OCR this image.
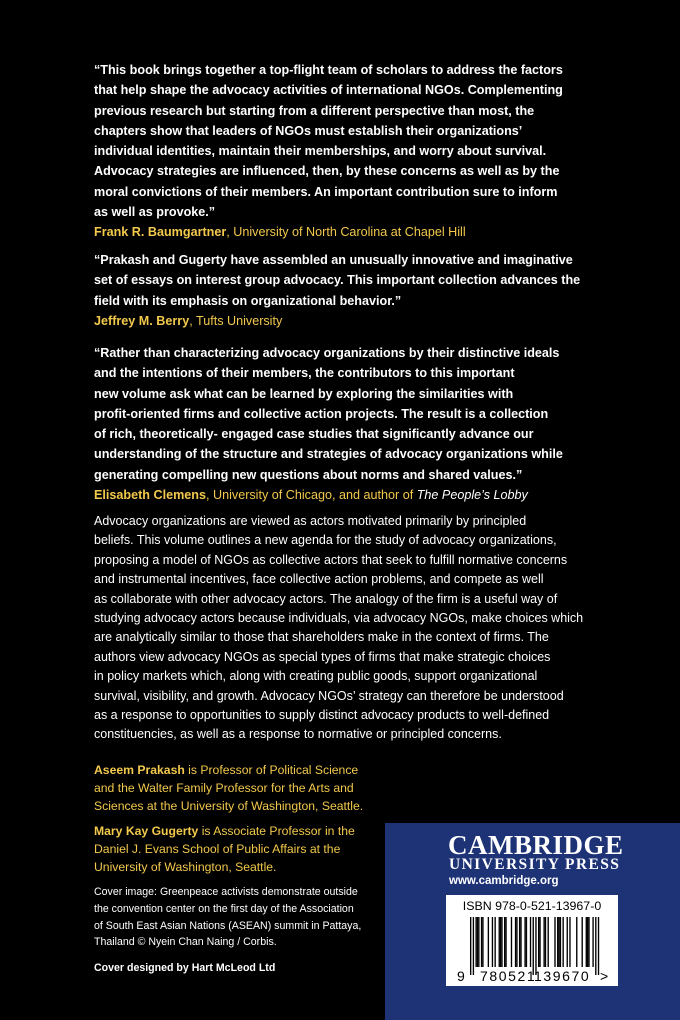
“This book brings together a top-flight team of scholars to address the factors
that help shape the advocacy activities of international NGOs. Complementing
previous research but starting from a different perspective than most, the
chapters show that leaders of NGOs must establish their organizations’
individual identities, maintain their memberships, and worry about survival.
Advocacy strategies are influenced, then, by these concerns as well as by the
moral convictions of their members. An important contribution sure to inform
as well as provoke.”
Frank R. Baumgartner, University of North Carolina at Chapel Hill
“Prakash and Gugerty have assembled an unusually innovative and imaginative
set of essays on interest group advocacy. This important collection advances the
field with its emphasis on organizational behavior.”
Jeffrey M. Berry, Tufts University
“Rather than characterizing advocacy organizations by their distinctive ideals
and the intentions of their members, the contributors to this important
new volume ask what can be learned by exploring the similarities with
profit-oriented firms and collective action projects. The result is a collection
of rich, theoretically- engaged case studies that significantly advance our
understanding of the structure and strategies of advocacy organizations while
generating compelling new questions about norms and shared values.”
Elisabeth Clemens, University of Chicago, and author of The People’s Lobby
Advocacy organizations are viewed as actors motivated primarily by principled
beliefs. This volume outlines a new agenda for the study of advocacy organizations,
proposing a model of NGOs as collective actors that seek to fulfill normative concerns
and instrumental incentives, face collective action problems, and compete as well
as collaborate with other advocacy actors. The analogy of the firm is a useful way of
studying advocacy actors because individuals, via advocacy NGOs, make choices which
are analytically similar to those that shareholders make in the context of firms. The
authors view advocacy NGOs as special types of firms that make strategic choices
in policy markets which, along with creating public goods, support organizational
survival, visibility, and growth. Advocacy NGOs’ strategy can therefore be understood
as a response to opportunities to supply distinct advocacy products to well-defined
constituencies, as well as a response to normative or principled concerns.
Aseem Prakash is Professor of Political Science
and the Walter Family Professor for the Arts and
Sciences at the University of Washington, Seattle.
Mary Kay Gugerty is Associate Professor in the
Daniel J. Evans School of Public Affairs at the
University of Washington, Seattle.
Cover image: Greenpeace activists demonstrate outside
the convention center on the first day of the Association
of South East Asian Nations (ASEAN) summit in Pattaya,
Thailand © Nyein Chan Naing / Corbis.
Cover designed by Hart McLeod Ltd
CAMBRIDGE
UNIVERSITY PRESS
www.cambridge.org
ISBN 978-0-521-13967-0
9 780521
139670 >
